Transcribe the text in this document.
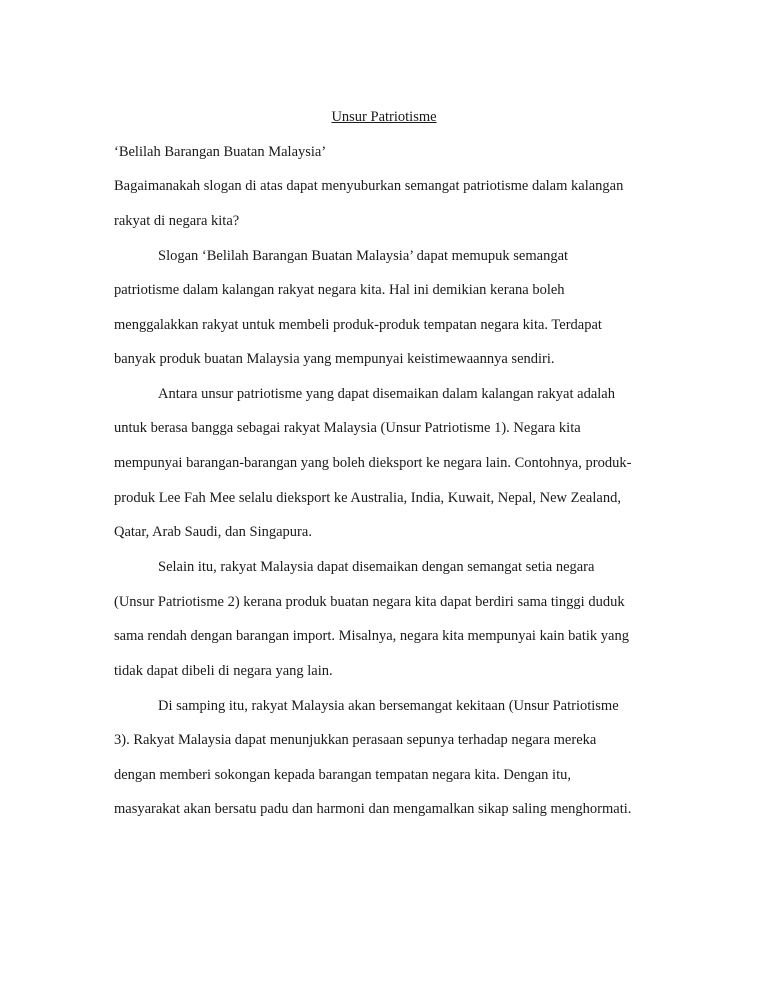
Unsur Patriotisme
‘Belilah Barangan Buatan Malaysia’
Bagaimanakah slogan di atas dapat menyuburkan semangat patriotisme dalam kalangan
rakyat di negara kita?
Slogan ‘Belilah Barangan Buatan Malaysia’ dapat memupuk semangat
patriotisme dalam kalangan rakyat negara kita. Hal ini demikian kerana boleh
menggalakkan rakyat untuk membeli produk-produk tempatan negara kita. Terdapat
banyak produk buatan Malaysia yang mempunyai keistimewaannya sendiri.
Antara unsur patriotisme yang dapat disemaikan dalam kalangan rakyat adalah
untuk berasa bangga sebagai rakyat Malaysia (Unsur Patriotisme 1). Negara kita
mempunyai barangan-barangan yang boleh dieksport ke negara lain. Contohnya, produk-
produk Lee Fah Mee selalu dieksport ke Australia, India, Kuwait, Nepal, New Zealand,
Qatar, Arab Saudi, dan Singapura.
Selain itu, rakyat Malaysia dapat disemaikan dengan semangat setia negara
(Unsur Patriotisme 2) kerana produk buatan negara kita dapat berdiri sama tinggi duduk
sama rendah dengan barangan import. Misalnya, negara kita mempunyai kain batik yang
tidak dapat dibeli di negara yang lain.
Di samping itu, rakyat Malaysia akan bersemangat kekitaan (Unsur Patriotisme
3). Rakyat Malaysia dapat menunjukkan perasaan sepunya terhadap negara mereka
dengan memberi sokongan kepada barangan tempatan negara kita. Dengan itu,
masyarakat akan bersatu padu dan harmoni dan mengamalkan sikap saling menghormati.
